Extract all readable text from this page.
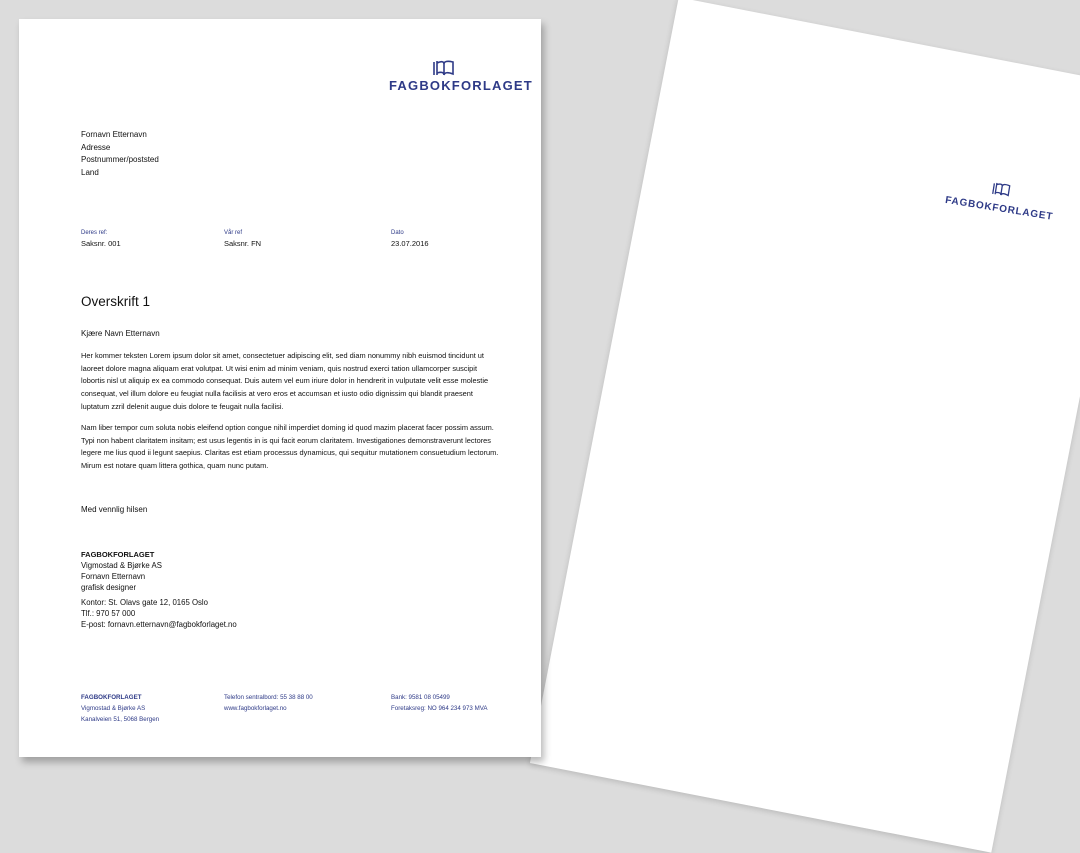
FAGBOKFORLAGET
FAGBOKFORLAGET
Fornavn Etternavn
Adresse
Postnummer/poststed
Land
Deres ref:
Saksnr. 001
Vår ref
Saksnr. FN
Dato
23.07.2016
Overskrift 1
Kjære Navn Etternavn
Her kommer teksten Lorem ipsum dolor sit amet, consectetuer adipiscing elit, sed diam nonummy nibh euismod tincidunt ut laoreet dolore magna aliquam erat volutpat. Ut wisi enim ad minim veniam, quis nostrud exerci tation ullamcorper suscipit lobortis nisl ut aliquip ex ea commodo consequat. Duis autem vel eum iriure dolor in hendrerit in vulputate velit esse molestie consequat, vel illum dolore eu feugiat nulla facilisis at vero eros et accumsan et iusto odio dignissim qui blandit praesent luptatum zzril delenit augue duis dolore te feugait nulla facilisi.
Nam liber tempor cum soluta nobis eleifend option congue nihil imperdiet doming id quod mazim placerat facer possim assum. Typi non habent claritatem insitam; est usus legentis in is qui facit eorum claritatem. Investigationes demonstraverunt lectores legere me lius quod ii legunt saepius. Claritas est etiam processus dynamicus, qui sequitur mutationem consuetudium lectorum. Mirum est notare quam littera gothica, quam nunc putam.
Med vennlig hilsen
FAGBOKFORLAGET
Vigmostad & Bjørke AS
Fornavn Etternavn
grafisk designer
Kontor: St. Olavs gate 12, 0165 Oslo
Tlf.: 970 57 000
E-post: fornavn.etternavn@fagbokforlaget.no
FAGBOKFORLAGET
Vigmostad & Bjørke AS
Kanalveien 51, 5068 Bergen
Telefon sentralbord: 55 38 88 00
www.fagbokforlaget.no
Bank: 9581 08 05499
Foretaksreg: NO 964 234 973 MVA
